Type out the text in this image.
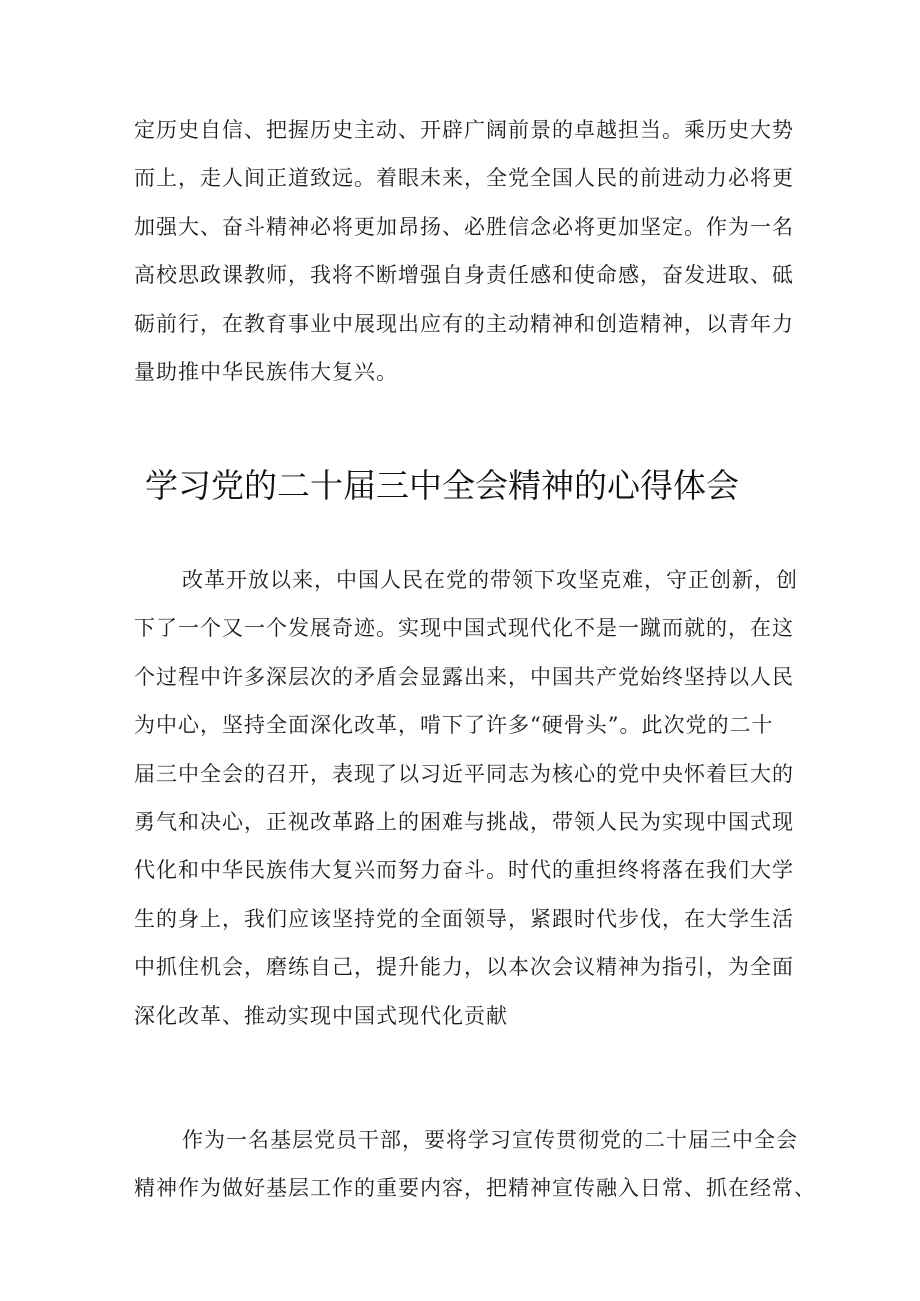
定历史自信、把握历史主动、开辟广阔前景的卓越担当。乘历史大势
而上，走人间正道致远。着眼未来，全党全国人民的前进动力必将更
加强大、奋斗精神必将更加昂扬、必胜信念必将更加坚定。作为一名
高校思政课教师，我将不断增强自身责任感和使命感，奋发进取、砥
砺前行，在教育事业中展现出应有的主动精神和创造精神，以青年力
量助推中华民族伟大复兴。

学习党的二十届三中全会精神的心得体会

改革开放以来，中国人民在党的带领下攻坚克难，守正创新，创
下了一个又一个发展奇迹。实现中国式现代化不是一蹴而就的，在这
个过程中许多深层次的矛盾会显露出来，中国共产党始终坚持以人民
为中心，坚持全面深化改革，啃下了许多“硬骨头”。此次党的二十
届三中全会的召开，表现了以习近平同志为核心的党中央怀着巨大的
勇气和决心，正视改革路上的困难与挑战，带领人民为实现中国式现
代化和中华民族伟大复兴而努力奋斗。时代的重担终将落在我们大学
生的身上，我们应该坚持党的全面领导，紧跟时代步伐，在大学生活
中抓住机会，磨练自己，提升能力，以本次会议精神为指引，为全面
深化改革、推动实现中国式现代化贡献

作为一名基层党员干部，要将学习宣传贯彻党的二十届三中全会
精神作为做好基层工作的重要内容，把精神宣传融入日常、抓在经常、
